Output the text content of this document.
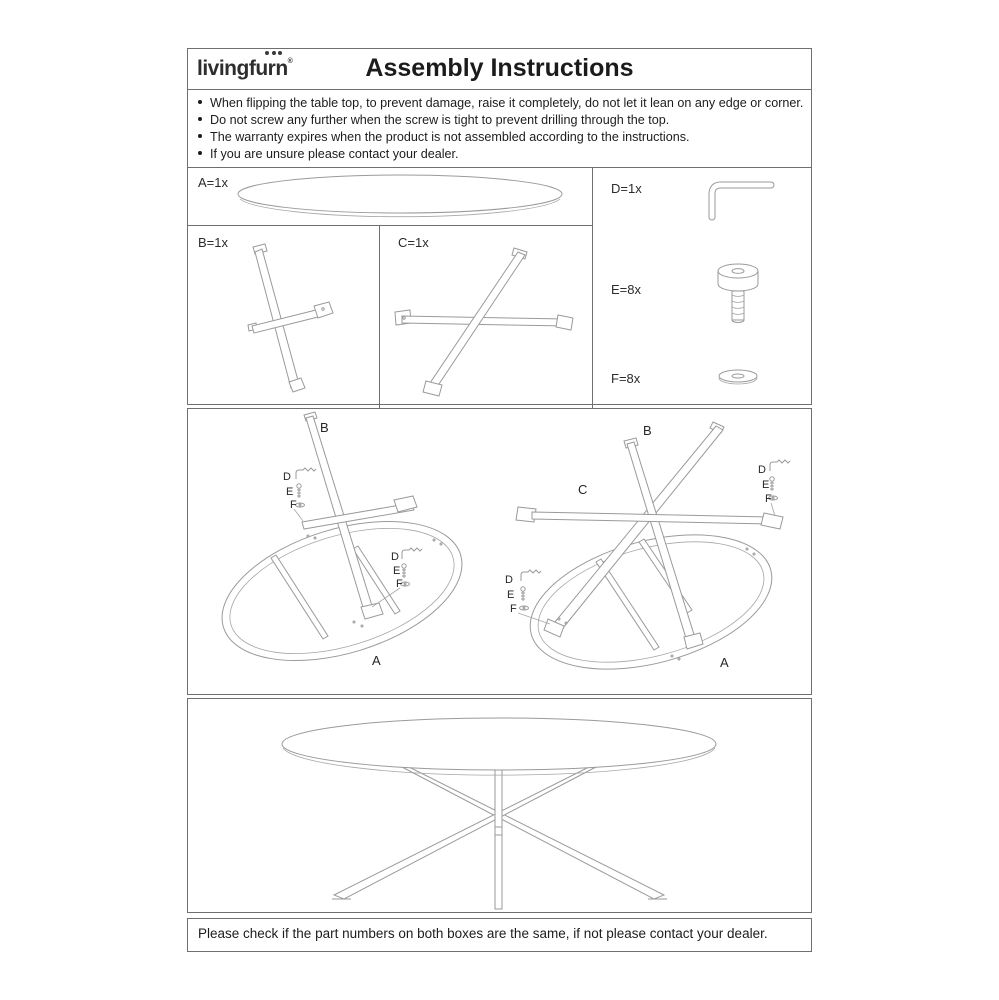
livingfurn®	Assembly Instructions
When flipping the table top, to prevent damage, raise it completely, do not let it lean on any edge or corner.
Do not screw any further when the screw is tight to prevent drilling through the top.
The warranty expires when the product is not assembled according to the instructions.
If you are unsure please contact your dealer.
A=1x
B=1x	C=1x
D=1x
E=8x
F=8x
B
A
D
E
F
D
E
F
B
C
A
D
E
F
D
E
F
Please check if the part numbers on both boxes are the same, if not please contact your dealer.
